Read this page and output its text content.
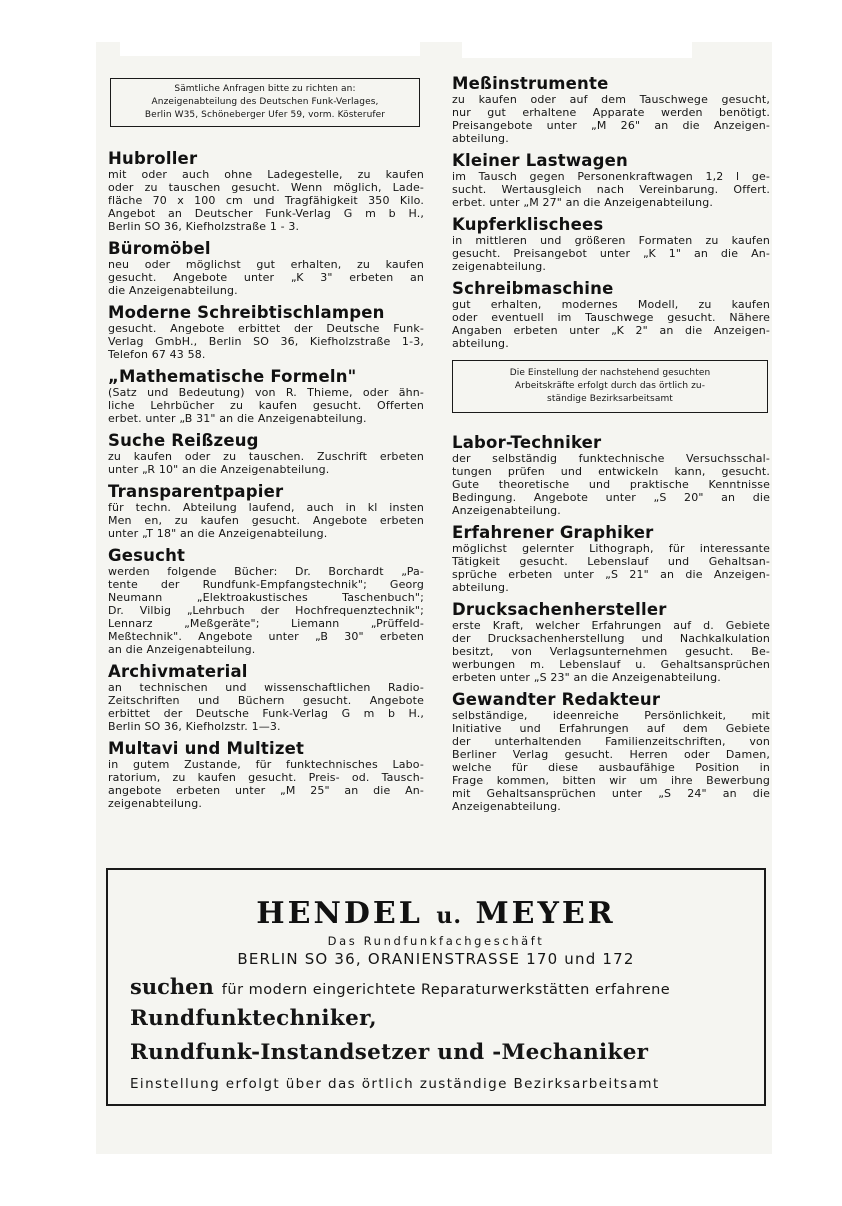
Sämtliche Anfragen bitte zu richten an:
Anzeigenabteilung des Deutschen Funk-Verlages,
Berlin W35, Schöneberger Ufer 59, vorm. Kösterufer
Hubroller
mit oder auch ohne Ladegestelle, zu kaufen
oder zu tauschen gesucht. Wenn möglich, Lade-
fläche 70 x 100 cm und Tragfähigkeit 350 Kilo.
Angebot an Deutscher Funk-Verlag G m b H.,
Berlin SO 36, Kiefholzstraße 1 - 3.
Büromöbel
neu oder möglichst gut erhalten, zu kaufen
gesucht. Angebote unter „K 3" erbeten an
die Anzeigenabteilung.
Moderne Schreibtischlampen
gesucht. Angebote erbittet der Deutsche Funk-
Verlag GmbH., Berlin SO 36, Kiefholzstraße 1-3,
Telefon 67 43 58.
„Mathematische Formeln"
(Satz und Bedeutung) von R. Thieme, oder ähn-
liche Lehrbücher zu kaufen gesucht. Offerten
erbet. unter „B 31" an die Anzeigenabteilung.
Suche Reißzeug
zu kaufen oder zu tauschen. Zuschrift erbeten
unter „R 10" an die Anzeigenabteilung.
Transparentpapier
für techn. Abteilung laufend, auch in kl insten
Men en, zu kaufen gesucht. Angebote erbeten
unter „T 18" an die Anzeigenabteilung.
Gesucht
werden folgende Bücher: Dr. Borchardt „Pa-
tente der Rundfunk-Empfangstechnik"; Georg
Neumann „Elektroakustisches Taschenbuch";
Dr. Vilbig „Lehrbuch der Hochfrequenztechnik";
Lennarz „Meßgeräte"; Liemann „Prüffeld-
Meßtechnik". Angebote unter „B 30" erbeten
an die Anzeigenabteilung.
Archivmaterial
an technischen und wissenschaftlichen Radio-
Zeitschriften und Büchern gesucht. Angebote
erbittet der Deutsche Funk-Verlag G m b H.,
Berlin SO 36, Kiefholzstr. 1—3.
Multavi und Multizet
in gutem Zustande, für funktechnisches Labo-
ratorium, zu kaufen gesucht. Preis- od. Tausch-
angebote erbeten unter „M 25" an die An-
zeigenabteilung.
Meßinstrumente
zu kaufen oder auf dem Tauschwege gesucht,
nur gut erhaltene Apparate werden benötigt.
Preisangebote unter „M 26" an die Anzeigen-
abteilung.
Kleiner Lastwagen
im Tausch gegen Personenkraftwagen 1,2 l ge-
sucht. Wertausgleich nach Vereinbarung. Offert.
erbet. unter „M 27" an die Anzeigenabteilung.
Kupferklischees
in mittleren und größeren Formaten zu kaufen
gesucht. Preisangebot unter „K 1" an die An-
zeigenabteilung.
Schreibmaschine
gut erhalten, modernes Modell, zu kaufen
oder eventuell im Tauschwege gesucht. Nähere
Angaben erbeten unter „K 2" an die Anzeigen-
abteilung.
Die Einstellung der nachstehend gesuchten
Arbeitskräfte erfolgt durch das örtlich zu-
ständige Bezirksarbeitsamt
Labor-Techniker
der selbständig funktechnische Versuchsschal-
tungen prüfen und entwickeln kann, gesucht.
Gute theoretische und praktische Kenntnisse
Bedingung. Angebote unter „S 20" an die
Anzeigenabteilung.
Erfahrener Graphiker
möglichst gelernter Lithograph, für interessante
Tätigkeit gesucht. Lebenslauf und Gehaltsan-
sprüche erbeten unter „S 21" an die Anzeigen-
abteilung.
Drucksachenhersteller
erste Kraft, welcher Erfahrungen auf d. Gebiete
der Drucksachenherstellung und Nachkalkulation
besitzt, von Verlagsunternehmen gesucht. Be-
werbungen m. Lebenslauf u. Gehaltsansprüchen
erbeten unter „S 23" an die Anzeigenabteilung.
Gewandter Redakteur
selbständige, ideenreiche Persönlichkeit, mit
Initiative und Erfahrungen auf dem Gebiete
der unterhaltenden Familienzeitschriften, von
Berliner Verlag gesucht. Herren oder Damen,
welche für diese ausbaufähige Position in
Frage kommen, bitten wir um ihre Bewerbung
mit Gehaltsansprüchen unter „S 24" an die
Anzeigenabteilung.
HENDEL u. MEYER
Das Rundfunkfachgeschäft
BERLIN SO 36, ORANIENSTRASSE 170 und 172
suchen für modern eingerichtete Reparaturwerkstätten erfahrene
Rundfunktechniker,
Rundfunk-Instandsetzer und -Mechaniker
Einstellung erfolgt über das örtlich zuständige Bezirksarbeitsamt
